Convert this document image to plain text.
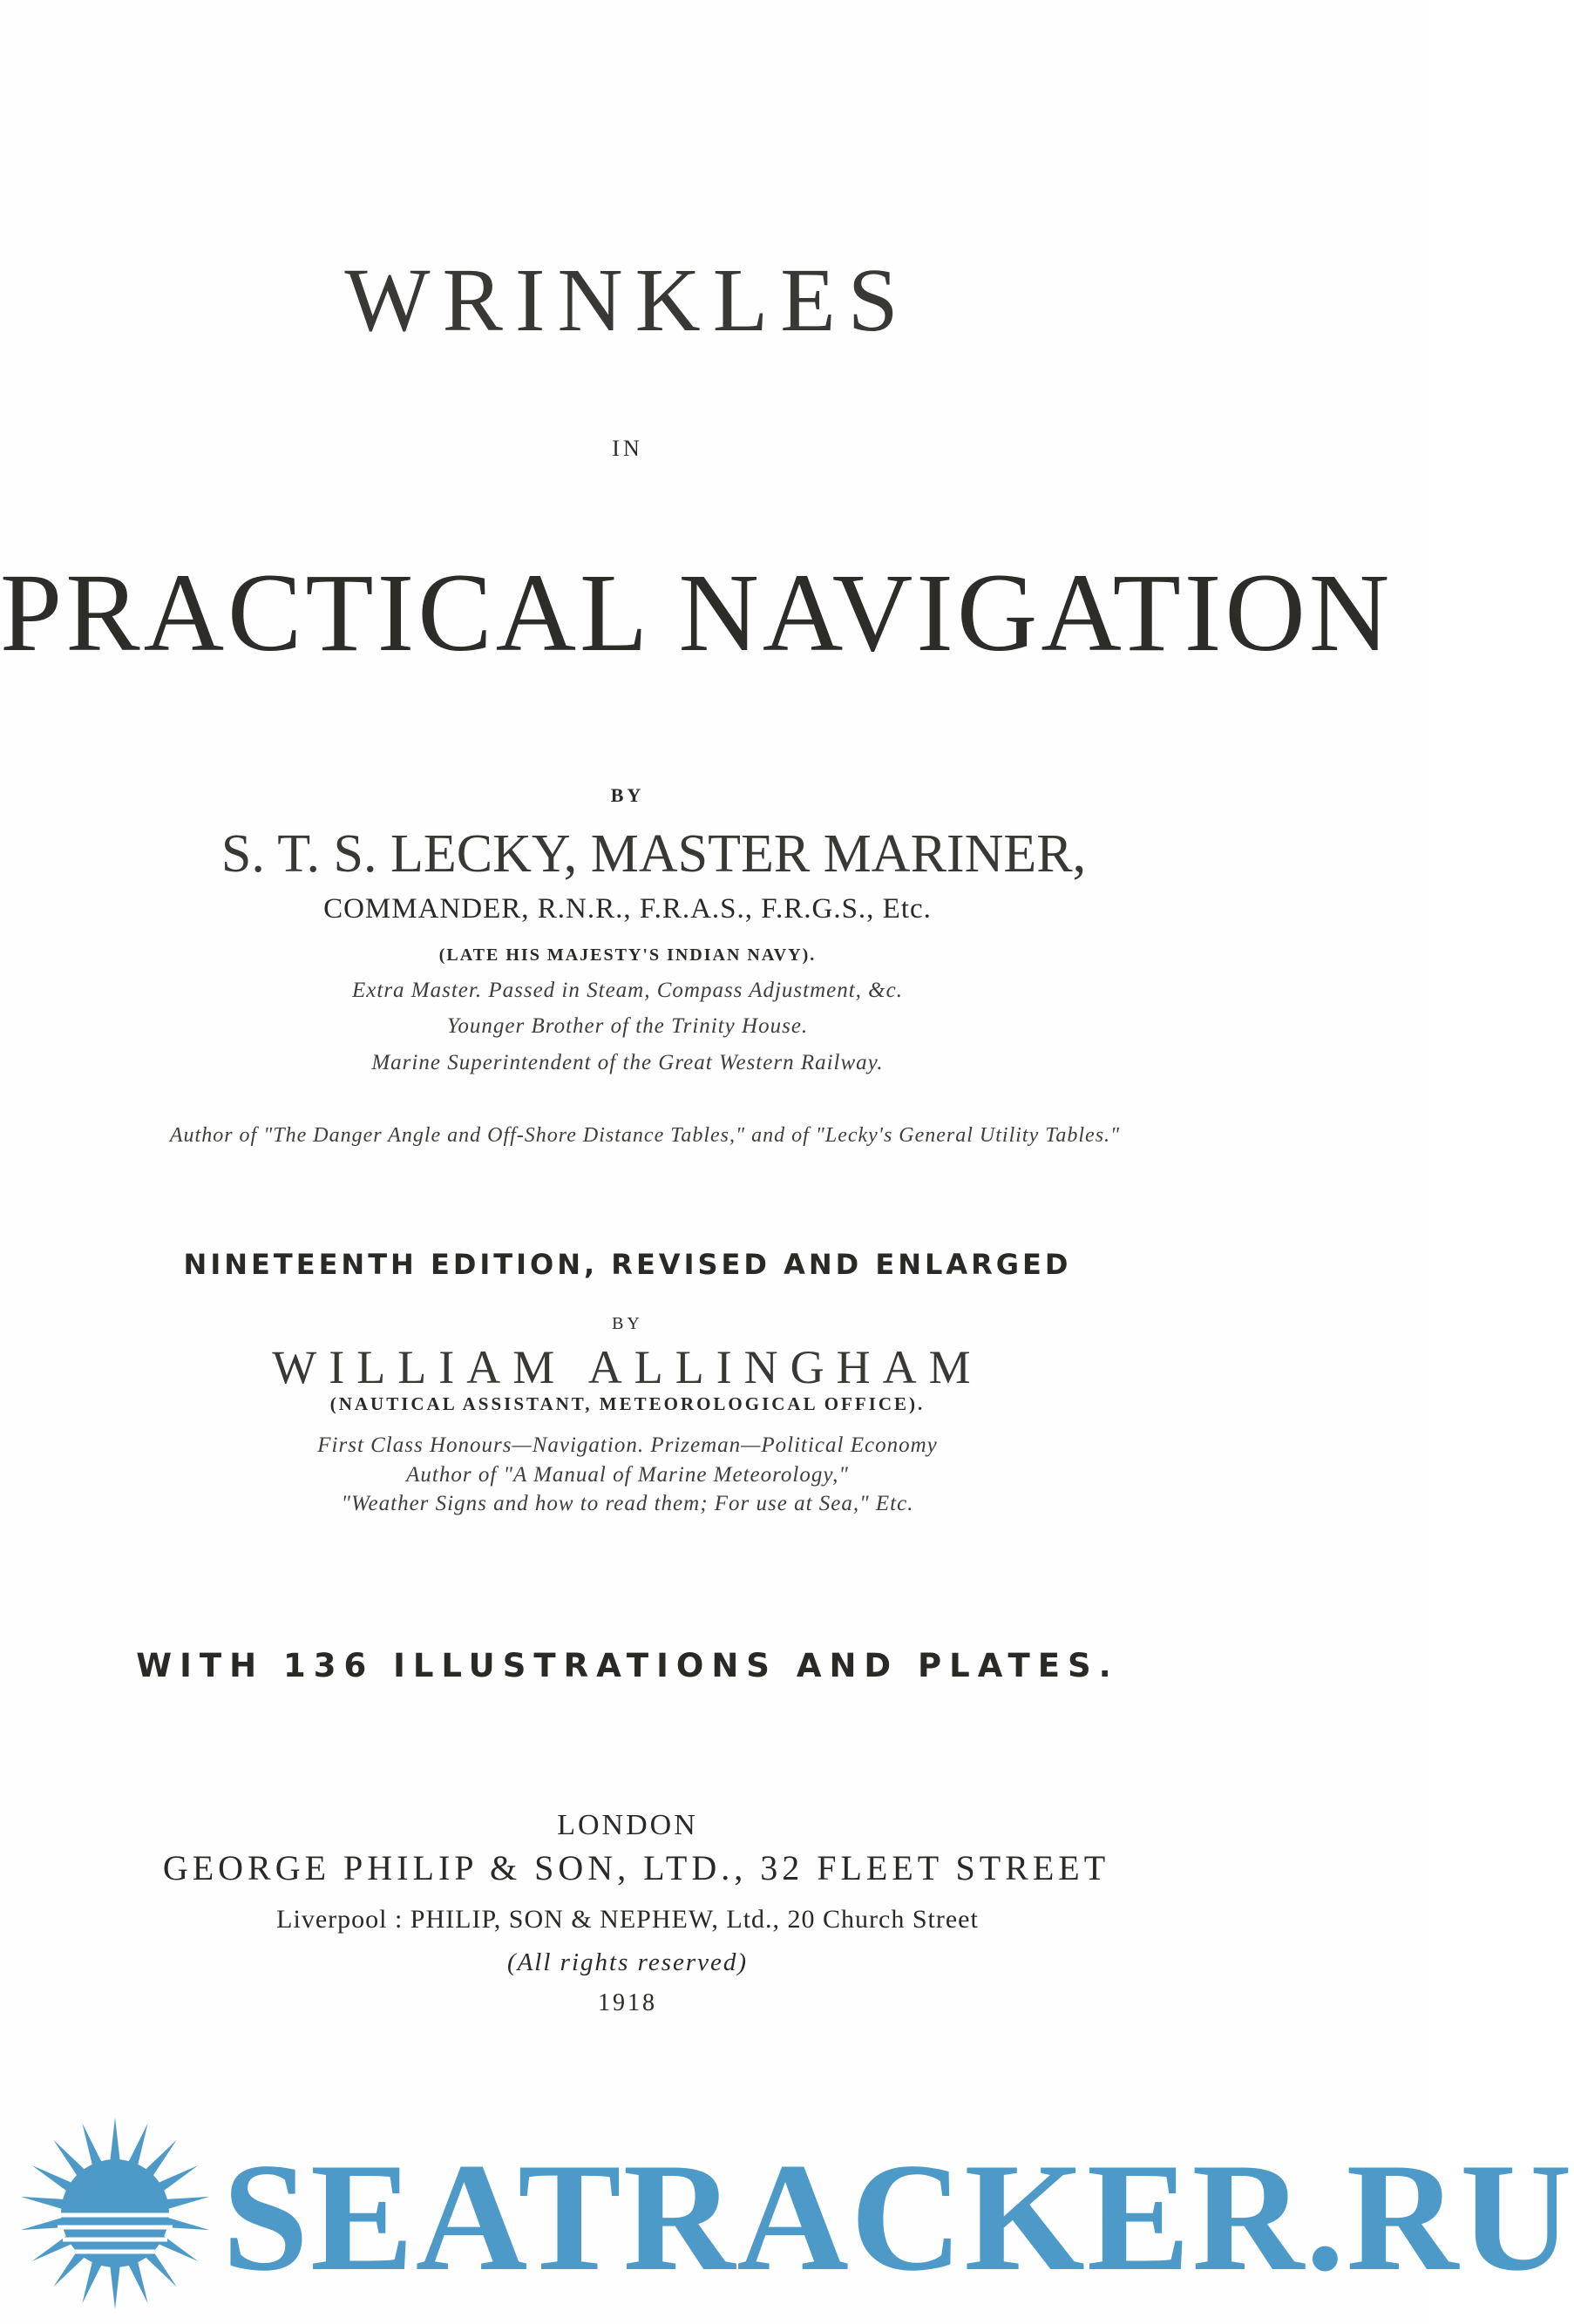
WRINKLES
IN
PRACTICAL NAVIGATION
BY
S. T. S. LECKY, MASTER MARINER,
COMMANDER, R.N.R., F.R.A.S., F.R.G.S., Etc.
(LATE HIS MAJESTY'S INDIAN NAVY).
Extra Master. Passed in Steam, Compass Adjustment, &c.
Younger Brother of the Trinity House.
Marine Superintendent of the Great Western Railway.
Author of "The Danger Angle and Off-Shore Distance Tables," and of "Lecky's General Utility Tables."
NINETEENTH EDITION, REVISED AND ENLARGED
BY
WILLIAM ALLINGHAM
(NAUTICAL ASSISTANT, METEOROLOGICAL OFFICE).
First Class Honours—Navigation. Prizeman—Political Economy
Author of "A Manual of Marine Meteorology,"
"Weather Signs and how to read them; For use at Sea," Etc.
WITH 136 ILLUSTRATIONS AND PLATES.
LONDON
GEORGE PHILIP & SON, LTD., 32 FLEET STREET
Liverpool : PHILIP, SON & NEPHEW, Ltd., 20 Church Street
(All rights reserved)
1918
SEATRACKER.RU
